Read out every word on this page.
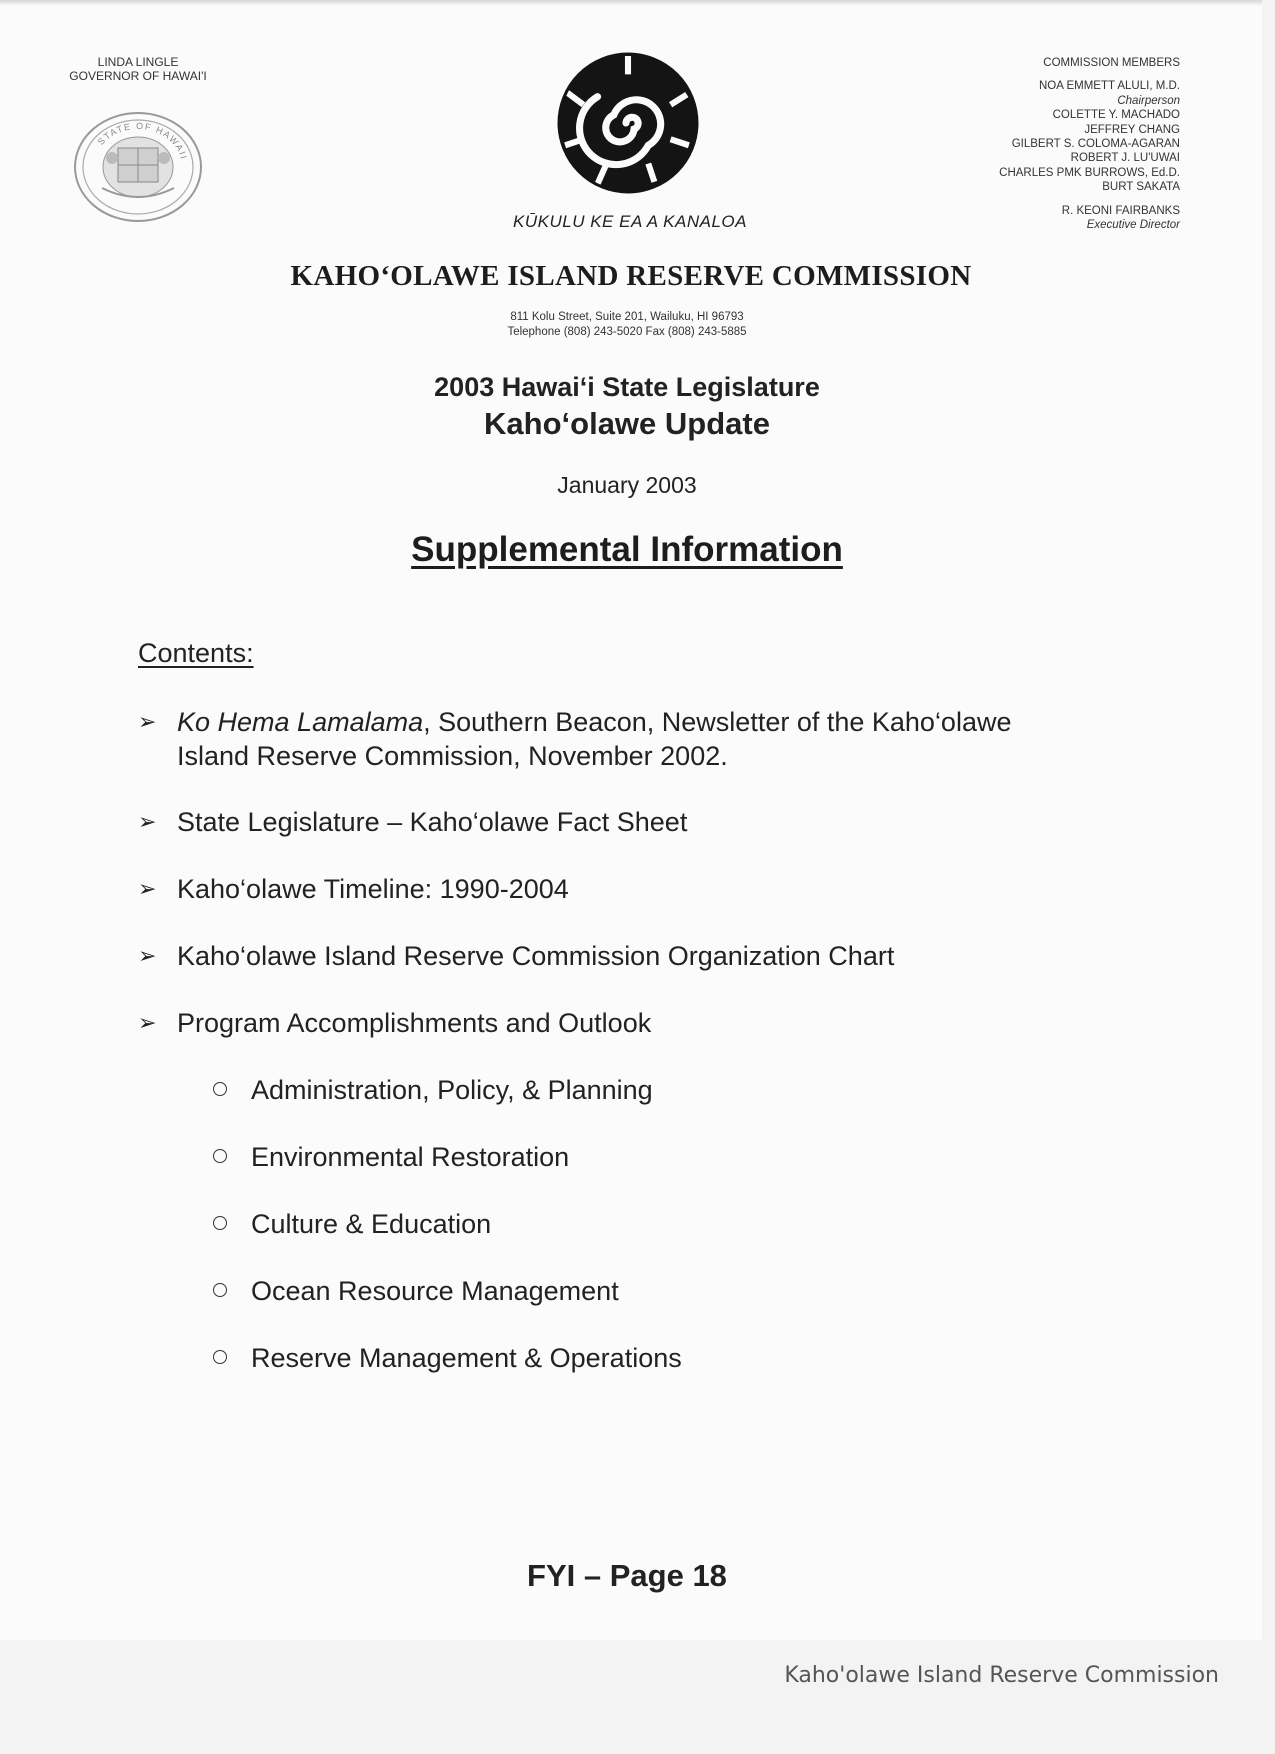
LINDA LINGLE
GOVERNOR OF HAWAI'I
STATE OF HAWAII
KŪKULU KE EA A KANALOA
COMMISSION MEMBERS
NOA EMMETT ALULI, M.D.
Chairperson
COLETTE Y. MACHADO
JEFFREY CHANG
GILBERT S. COLOMA-AGARAN
ROBERT J. LU'UWAI
CHARLES PMK BURROWS, Ed.D.
BURT SAKATA
R. KEONI FAIRBANKS
Executive Director
KAHO‘OLAWE ISLAND RESERVE COMMISSION
811 Kolu Street, Suite 201, Wailuku, HI 96793
Telephone (808) 243-5020 Fax (808) 243-5885
2003 Hawai‘i State Legislature
Kaho‘olawe Update
January 2003
Supplemental Information
Contents:
➢ Ko Hema Lamalama, Southern Beacon, Newsletter of the Kaho‘olawe
Island Reserve Commission, November 2002.
➢ State Legislature – Kaho‘olawe Fact Sheet
➢ Kaho‘olawe Timeline: 1990-2004
➢ Kaho‘olawe Island Reserve Commission Organization Chart
➢ Program Accomplishments and Outlook
Administration, Policy, & Planning
Environmental Restoration
Culture & Education
Ocean Resource Management
Reserve Management & Operations
FYI – Page 18
Kaho'olawe Island Reserve Commission
